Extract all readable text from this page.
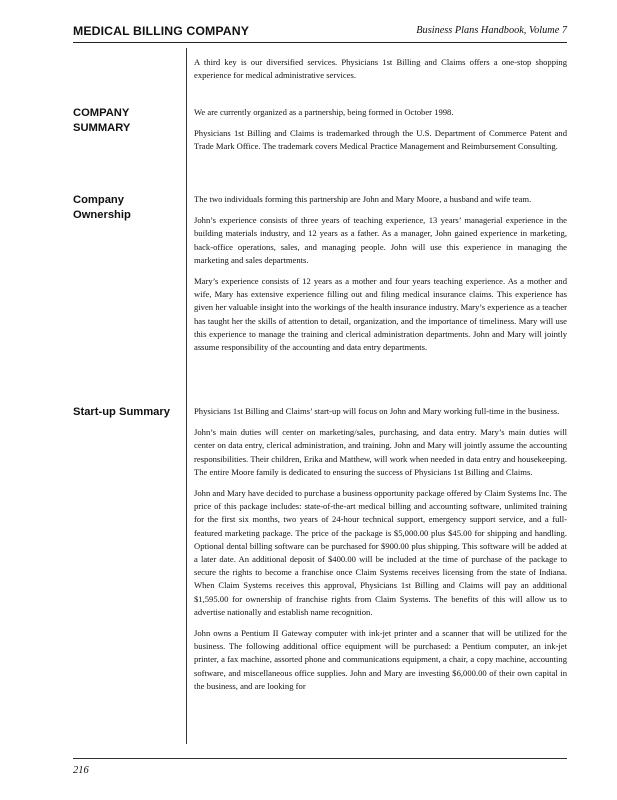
MEDICAL BILLING COMPANY	Business Plans Handbook, Volume 7

A third key is our diversified services. Physicians 1st Billing and Claims offers a one-stop shopping experience for medical administrative services.

COMPANY SUMMARY

We are currently organized as a partnership, being formed in October 1998.

Physicians 1st Billing and Claims is trademarked through the U.S. Department of Commerce Patent and Trade Mark Office. The trademark covers Medical Practice Management and Reimbursement Consulting.

Company Ownership

The two individuals forming this partnership are John and Mary Moore, a husband and wife team.

John’s experience consists of three years of teaching experience, 13 years’ managerial experience in the building materials industry, and 12 years as a father. As a manager, John gained experience in marketing, back-office operations, sales, and managing people. John will use this experience in managing the marketing and sales departments.

Mary’s experience consists of 12 years as a mother and four years teaching experience. As a mother and wife, Mary has extensive experience filling out and filing medical insurance claims. This experience has given her valuable insight into the workings of the health insurance industry. Mary’s experience as a teacher has taught her the skills of attention to detail, organization, and the importance of timeliness. Mary will use this experience to manage the training and clerical administration departments. John and Mary will jointly assume responsibility of the accounting and data entry departments.

Start-up Summary	Physicians 1st Billing and Claims’ start-up will focus on John and Mary working full-time in the business.

John’s main duties will center on marketing/sales, purchasing, and data entry. Mary’s main duties will center on data entry, clerical administration, and training. John and Mary will jointly assume the accounting responsibilities. Their children, Erika and Matthew, will work when needed in data entry and housekeeping. The entire Moore family is dedicated to ensuring the success of Physicians 1st Billing and Claims.

John and Mary have decided to purchase a business opportunity package offered by Claim Systems Inc. The price of this package includes: state-of-the-art medical billing and accounting software, unlimited training for the first six months, two years of 24-hour technical support, emergency support service, and a full-featured marketing package. The price of the package is $5,000.00 plus $45.00 for shipping and handling. Optional dental billing software can be purchased for $900.00 plus shipping. This software will be added at a later date. An additional deposit of $400.00 will be included at the time of purchase of the package to secure the rights to become a franchise once Claim Systems receives licensing from the state of Indiana. When Claim Systems receives this approval, Physicians 1st Billing and Claims will pay an additional $1,595.00 for ownership of franchise rights from Claim Systems. The benefits of this will allow us to advertise nationally and establish name recognition.

John owns a Pentium II Gateway computer with ink-jet printer and a scanner that will be utilized for the business. The following additional office equipment will be purchased: a Pentium computer, an ink-jet printer, a fax machine, assorted phone and communications equipment, a chair, a copy machine, accounting software, and miscellaneous office supplies. John and Mary are investing $6,000.00 of their own capital in the business, and are looking for

216
